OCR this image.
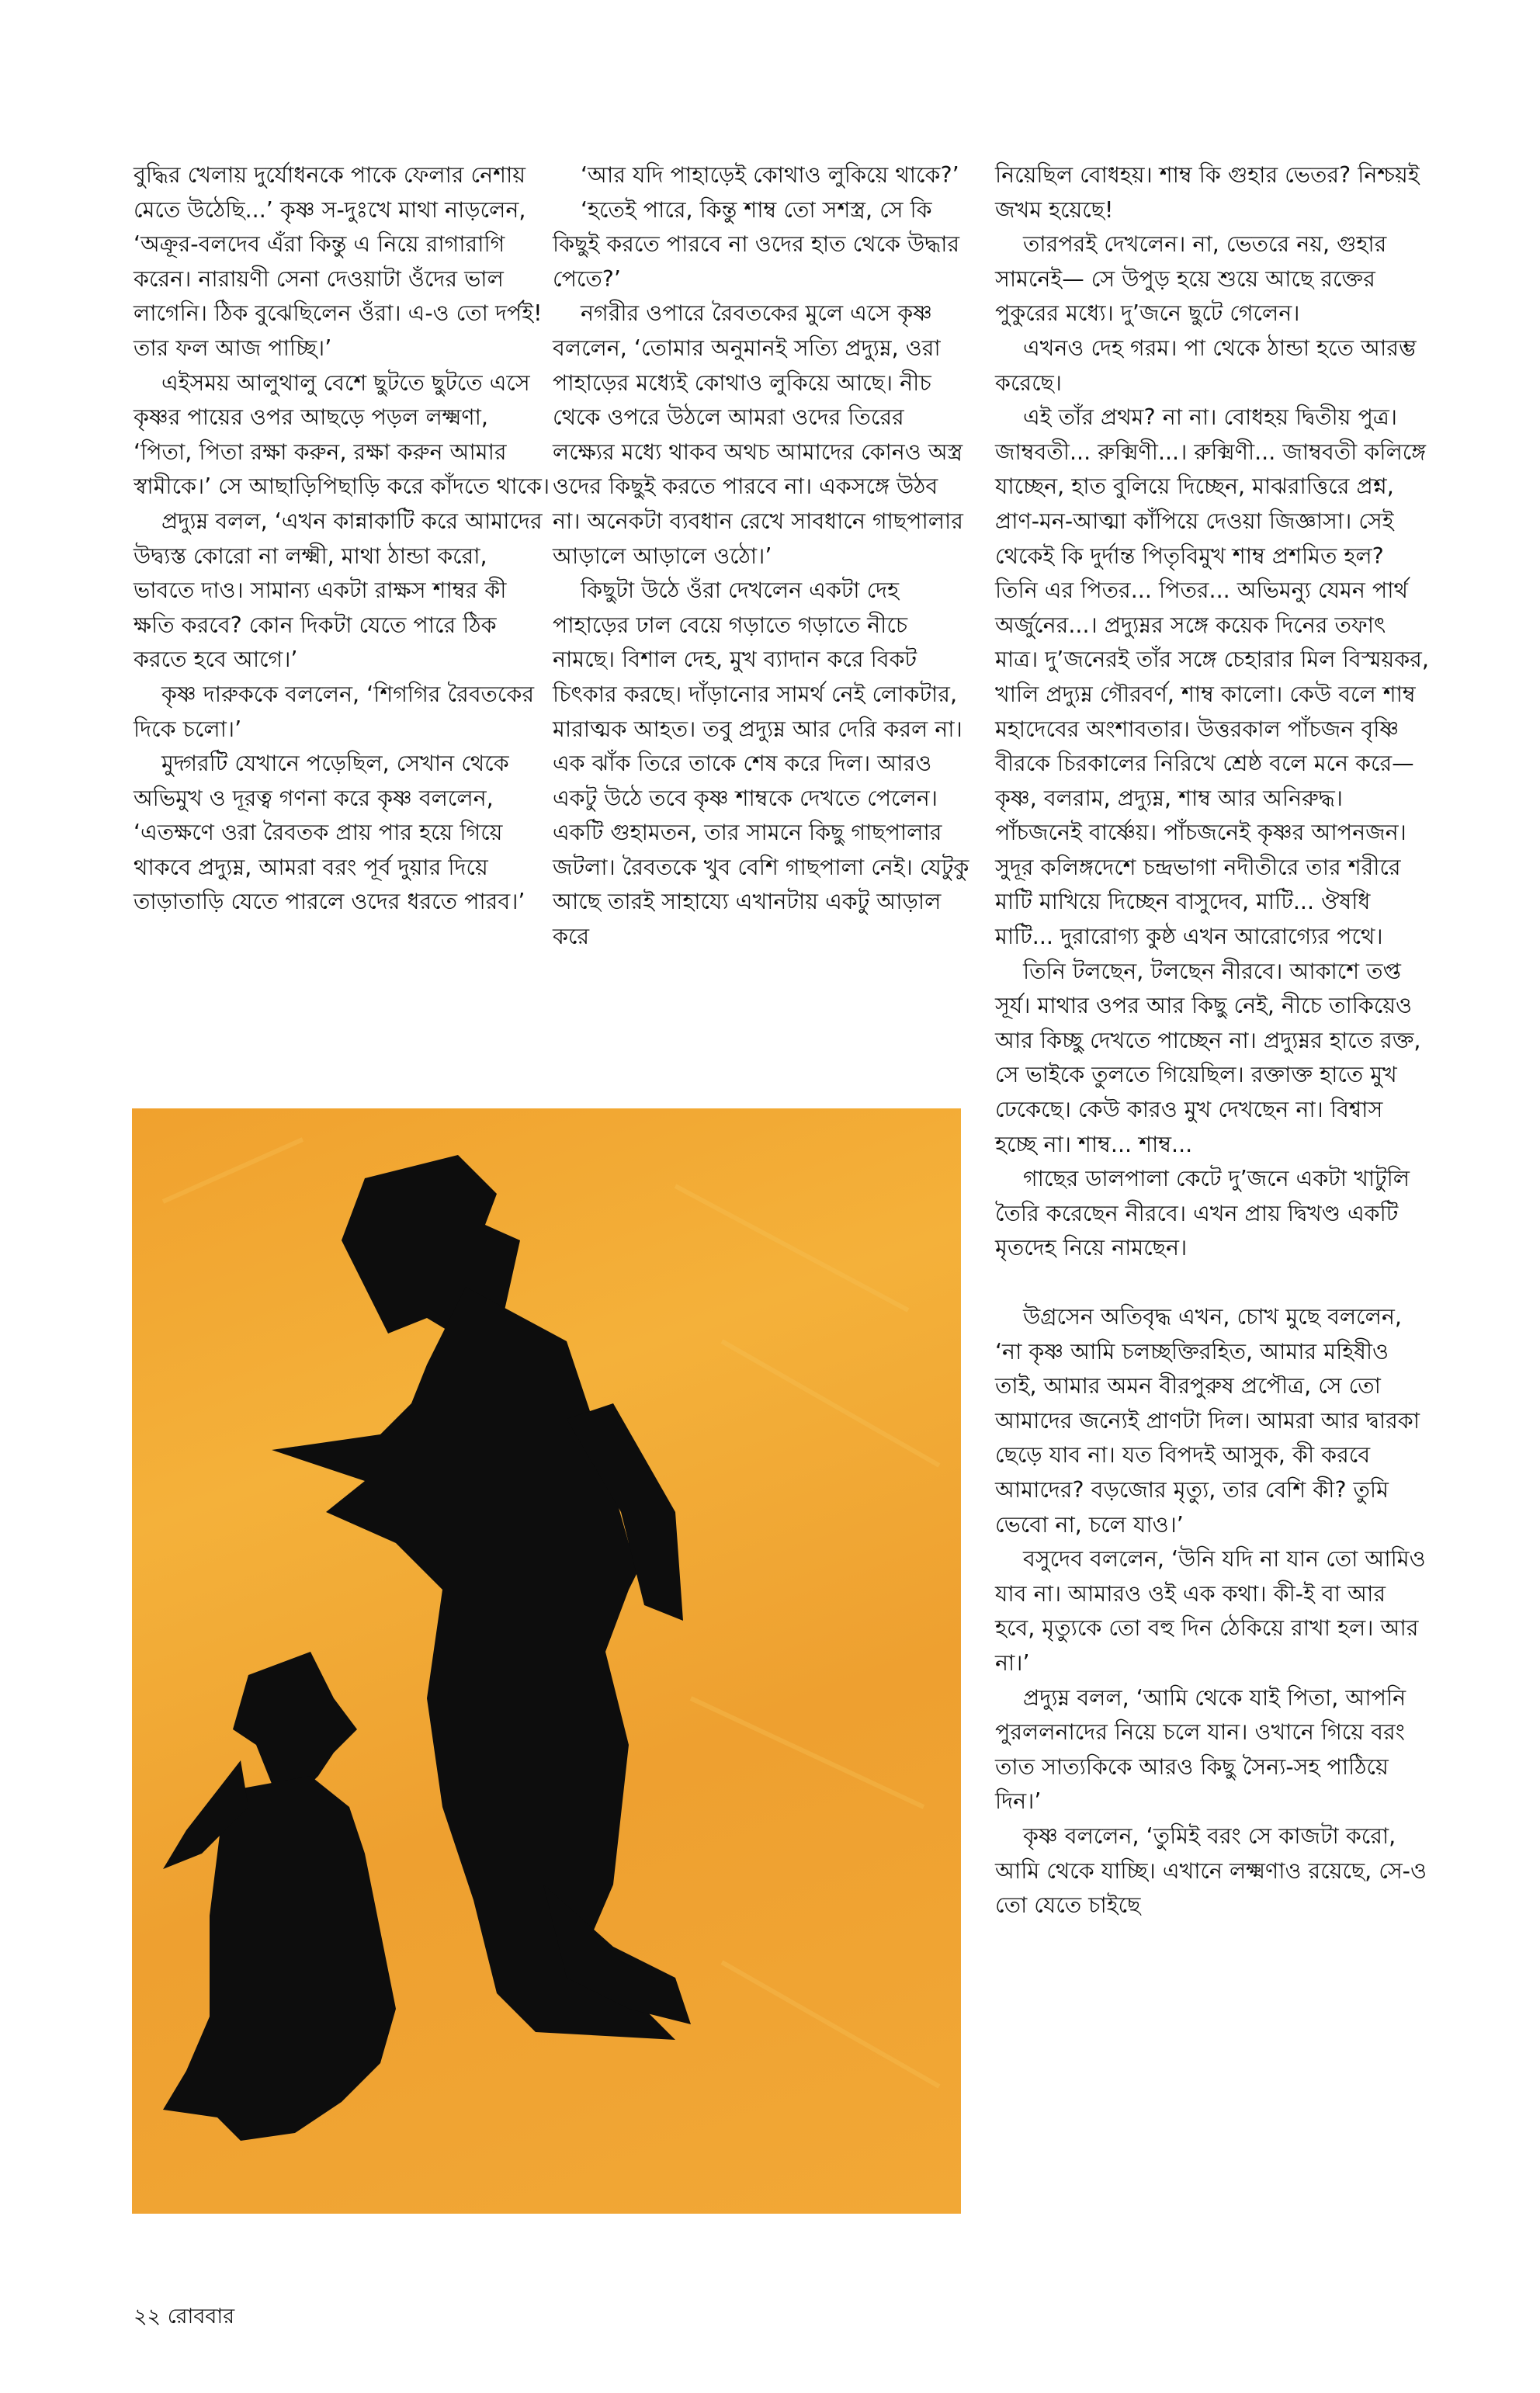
বুদ্ধির খেলায় দুর্যোধনকে পাকে ফেলার নেশায় মেতে উঠেছি...’ কৃষ্ণ স-দুঃখে মাথা নাড়লেন, ‘অক্রূর-বলদেব এঁরা কিন্তু এ নিয়ে রাগারাগি করেন। নারায়ণী সেনা দেওয়াটা ওঁদের ভাল লাগেনি। ঠিক বুঝেছিলেন ওঁরা। এ-ও তো দর্পই! তার ফল আজ পাচ্ছি।’

এইসময় আলুথালু বেশে ছুটতে ছুটতে এসে কৃষ্ণর পায়ের ওপর আছড়ে পড়ল লক্ষ্মণা, ‘পিতা, পিতা রক্ষা করুন, রক্ষা করুন আমার স্বামীকে।’ সে আছাড়িপিছাড়ি করে কাঁদতে থাকে।

প্রদ্যুম্ন বলল, ‘এখন কান্নাকাটি করে আমাদের উদ্ব্যস্ত কোরো না লক্ষ্মী, মাথা ঠান্ডা করো, ভাবতে দাও। সামান্য একটা রাক্ষস শাম্বর কী ক্ষতি করবে? কোন দিকটা যেতে পারে ঠিক করতে হবে আগে।’

কৃষ্ণ দারুককে বললেন, ‘শিগগির রৈবতকের দিকে চলো।’

মুদ্গরটি যেখানে পড়েছিল, সেখান থেকে অভিমুখ ও দূরত্ব গণনা করে কৃষ্ণ বললেন, ‘এতক্ষণে ওরা রৈবতক প্রায় পার হয়ে গিয়ে থাকবে প্রদ্যুম্ন, আমরা বরং পূর্ব দুয়ার দিয়ে তাড়াতাড়ি যেতে পারলে ওদের ধরতে পারব।’

‘আর যদি পাহাড়েই কোথাও লুকিয়ে থাকে?’

‘হতেই পারে, কিন্তু শাম্ব তো সশস্ত্র, সে কি কিছুই করতে পারবে না ওদের হাত থেকে উদ্ধার পেতে?’

নগরীর ওপারে রৈবতকের মুলে এসে কৃষ্ণ বললেন, ‘তোমার অনুমানই সত্যি প্রদ্যুম্ন, ওরা পাহাড়ের মধ্যেই কোথাও লুকিয়ে আছে। নীচ থেকে ওপরে উঠলে আমরা ওদের তিরের লক্ষ্যের মধ্যে থাকব অথচ আমাদের কোনও অস্ত্র ওদের কিছুই করতে পারবে না। একসঙ্গে উঠব না। অনেকটা ব্যবধান রেখে সাবধানে গাছপালার আড়ালে আড়ালে ওঠো।’

কিছুটা উঠে ওঁরা দেখলেন একটা দেহ পাহাড়ের ঢাল বেয়ে গড়াতে গড়াতে নীচে নামছে। বিশাল দেহ, মুখ ব্যাদান করে বিকট চিৎকার করছে। দাঁড়ানোর সামর্থ নেই লোকটার, মারাত্মক আহত। তবু প্রদ্যুম্ন আর দেরি করল না। এক ঝাঁক তিরে তাকে শেষ করে দিল। আরও একটু উঠে তবে কৃষ্ণ শাম্বকে দেখতে পেলেন। একটি গুহামতন, তার সামনে কিছু গাছপালার জটলা। রৈবতকে খুব বেশি গাছপালা নেই। যেটুকু আছে তারই সাহায্যে এখানটায় একটু আড়াল করে

নিয়েছিল বোধহয়। শাম্ব কি গুহার ভেতর? নিশ্চয়ই জখম হয়েছে!

তারপরই দেখলেন। না, ভেতরে নয়, গুহার সামনেই— সে উপুড় হয়ে শুয়ে আছে রক্তের পুকুরের মধ্যে। দু’জনে ছুটে গেলেন।

এখনও দেহ গরম। পা থেকে ঠান্ডা হতে আরম্ভ করেছে।

এই তাঁর প্রথম? না না। বোধহয় দ্বিতীয় পুত্র। জাম্ববতী... রুক্মিণী...। রুক্মিণী... জাম্ববতী কলিঙ্গে যাচ্ছেন, হাত বুলিয়ে দিচ্ছেন, মাঝরাত্তিরে প্রশ্ন, প্রাণ-মন-আত্মা কাঁপিয়ে দেওয়া জিজ্ঞাসা। সেই থেকেই কি দুর্দান্ত পিতৃবিমুখ শাম্ব প্রশমিত হল? তিনি এর পিতর... পিতর... অভিমন্যু যেমন পার্থ অর্জুনের...। প্রদ্যুম্নর সঙ্গে কয়েক দিনের তফাৎ মাত্র। দু’জনেরই তাঁর সঙ্গে চেহারার মিল বিস্ময়কর, খালি প্রদ্যুম্ন গৌরবর্ণ, শাম্ব কালো। কেউ বলে শাম্ব মহাদেবের অংশাবতার। উত্তরকাল পাঁচজন বৃষ্ণি বীরকে চিরকালের নিরিখে শ্রেষ্ঠ বলে মনে করে— কৃষ্ণ, বলরাম, প্রদ্যুম্ন, শাম্ব আর অনিরুদ্ধ। পাঁচজনেই বার্ষ্ণেয়। পাঁচজনেই কৃষ্ণর আপনজন। সুদূর কলিঙ্গদেশে চন্দ্রভাগা নদীতীরে তার শরীরে মাটি মাখিয়ে দিচ্ছেন বাসুদেব, মাটি... ঔষধি মাটি... দুরারোগ্য কুষ্ঠ এখন আরোগ্যের পথে।

তিনি টলছেন, টলছেন নীরবে। আকাশে তপ্ত সূর্য। মাথার ওপর আর কিছু নেই, নীচে তাকিয়েও আর কিচ্ছু দেখতে পাচ্ছেন না। প্রদ্যুম্নর হাতে রক্ত, সে ভাইকে তুলতে গিয়েছিল। রক্তাক্ত হাতে মুখ ঢেকেছে। কেউ কারও মুখ দেখছেন না। বিশ্বাস হচ্ছে না। শাম্ব... শাম্ব...

গাছের ডালপালা কেটে দু’জনে একটা খাটুলি তৈরি করেছেন নীরবে। এখন প্রায় দ্বিখণ্ড একটি মৃতদেহ নিয়ে নামছেন।

উগ্রসেন অতিবৃদ্ধ এখন, চোখ মুছে বললেন, ‘না কৃষ্ণ আমি চলচ্ছক্তিরহিত, আমার মহিষীও তাই, আমার অমন বীরপুরুষ প্রপৌত্র, সে তো আমাদের জন্যেই প্রাণটা দিল। আমরা আর দ্বারকা ছেড়ে যাব না। যত বিপদই আসুক, কী করবে আমাদের? বড়জোর মৃত্যু, তার বেশি কী? তুমি ভেবো না, চলে যাও।’

বসুদেব বললেন, ‘উনি যদি না যান তো আমিও যাব না। আমারও ওই এক কথা। কী-ই বা আর হবে, মৃত্যুকে তো বহু দিন ঠেকিয়ে রাখা হল। আর না।’

প্রদ্যুম্ন বলল, ‘আমি থেকে যাই পিতা, আপনি পুরললনাদের নিয়ে চলে যান। ওখানে গিয়ে বরং তাত সাত্যকিকে আরও কিছু সৈন্য-সহ পাঠিয়ে দিন।’

কৃষ্ণ বললেন, ‘তুমিই বরং সে কাজটা করো, আমি থেকে যাচ্ছি। এখানে লক্ষ্মণাও রয়েছে, সে-ও তো যেতে চাইছে

২২ রোববার
